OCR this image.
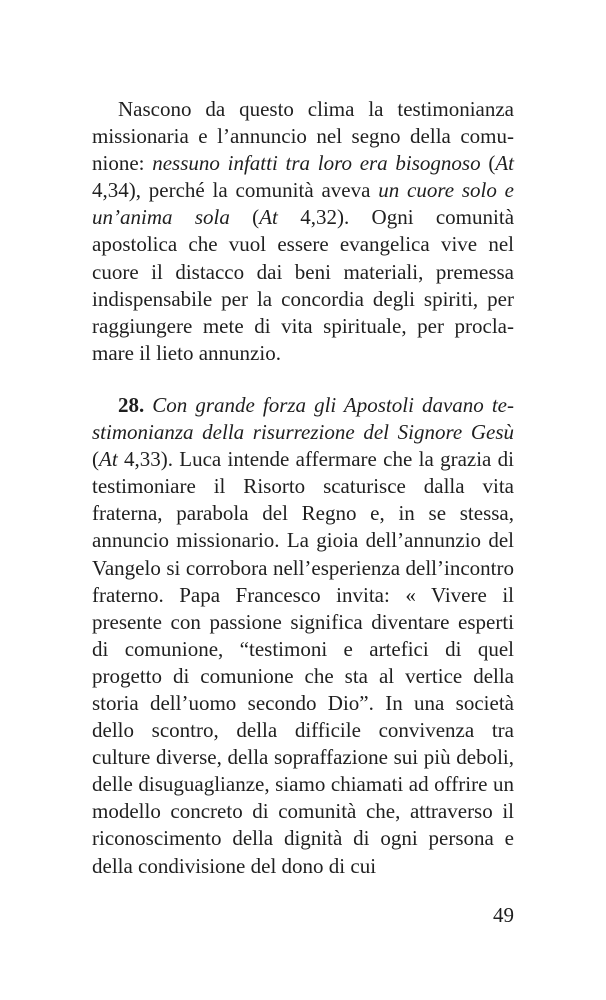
Nascono da questo clima la testimonianza missionaria e l’annuncio nel segno della comunione: nessuno infatti tra loro era bisognoso (At 4,34), perché la comunità aveva un cuore solo e un’anima sola (At 4,32). Ogni comunità apostolica che vuol essere evangelica vive nel cuore il distacco dai beni materiali, premessa indispensabile per la concordia degli spiriti, per raggiungere mete di vita spirituale, per proclamare il lieto annunzio.

28. Con grande forza gli Apostoli davano testimonianza della risurrezione del Signore Gesù (At 4,33). Luca intende affermare che la grazia di testimoniare il Risorto scaturisce dalla vita fraterna, parabola del Regno e, in se stessa, annuncio missionario. La gioia dell’annunzio del Vangelo si corrobora nell’esperienza dell’incontro fraterno. Papa Francesco invita: « Vivere il presente con passione significa diventare esperti di comunione, “testimoni e artefici di quel progetto di comunione che sta al vertice della storia dell’uomo secondo Dio”. In una società dello scontro, della difficile convivenza tra culture diverse, della sopraffazione sui più deboli, delle disuguaglianze, siamo chiamati ad offrire un modello concreto di comunità che, attraverso il riconoscimento della dignità di ogni persona e della condivisione del dono di cui

49
